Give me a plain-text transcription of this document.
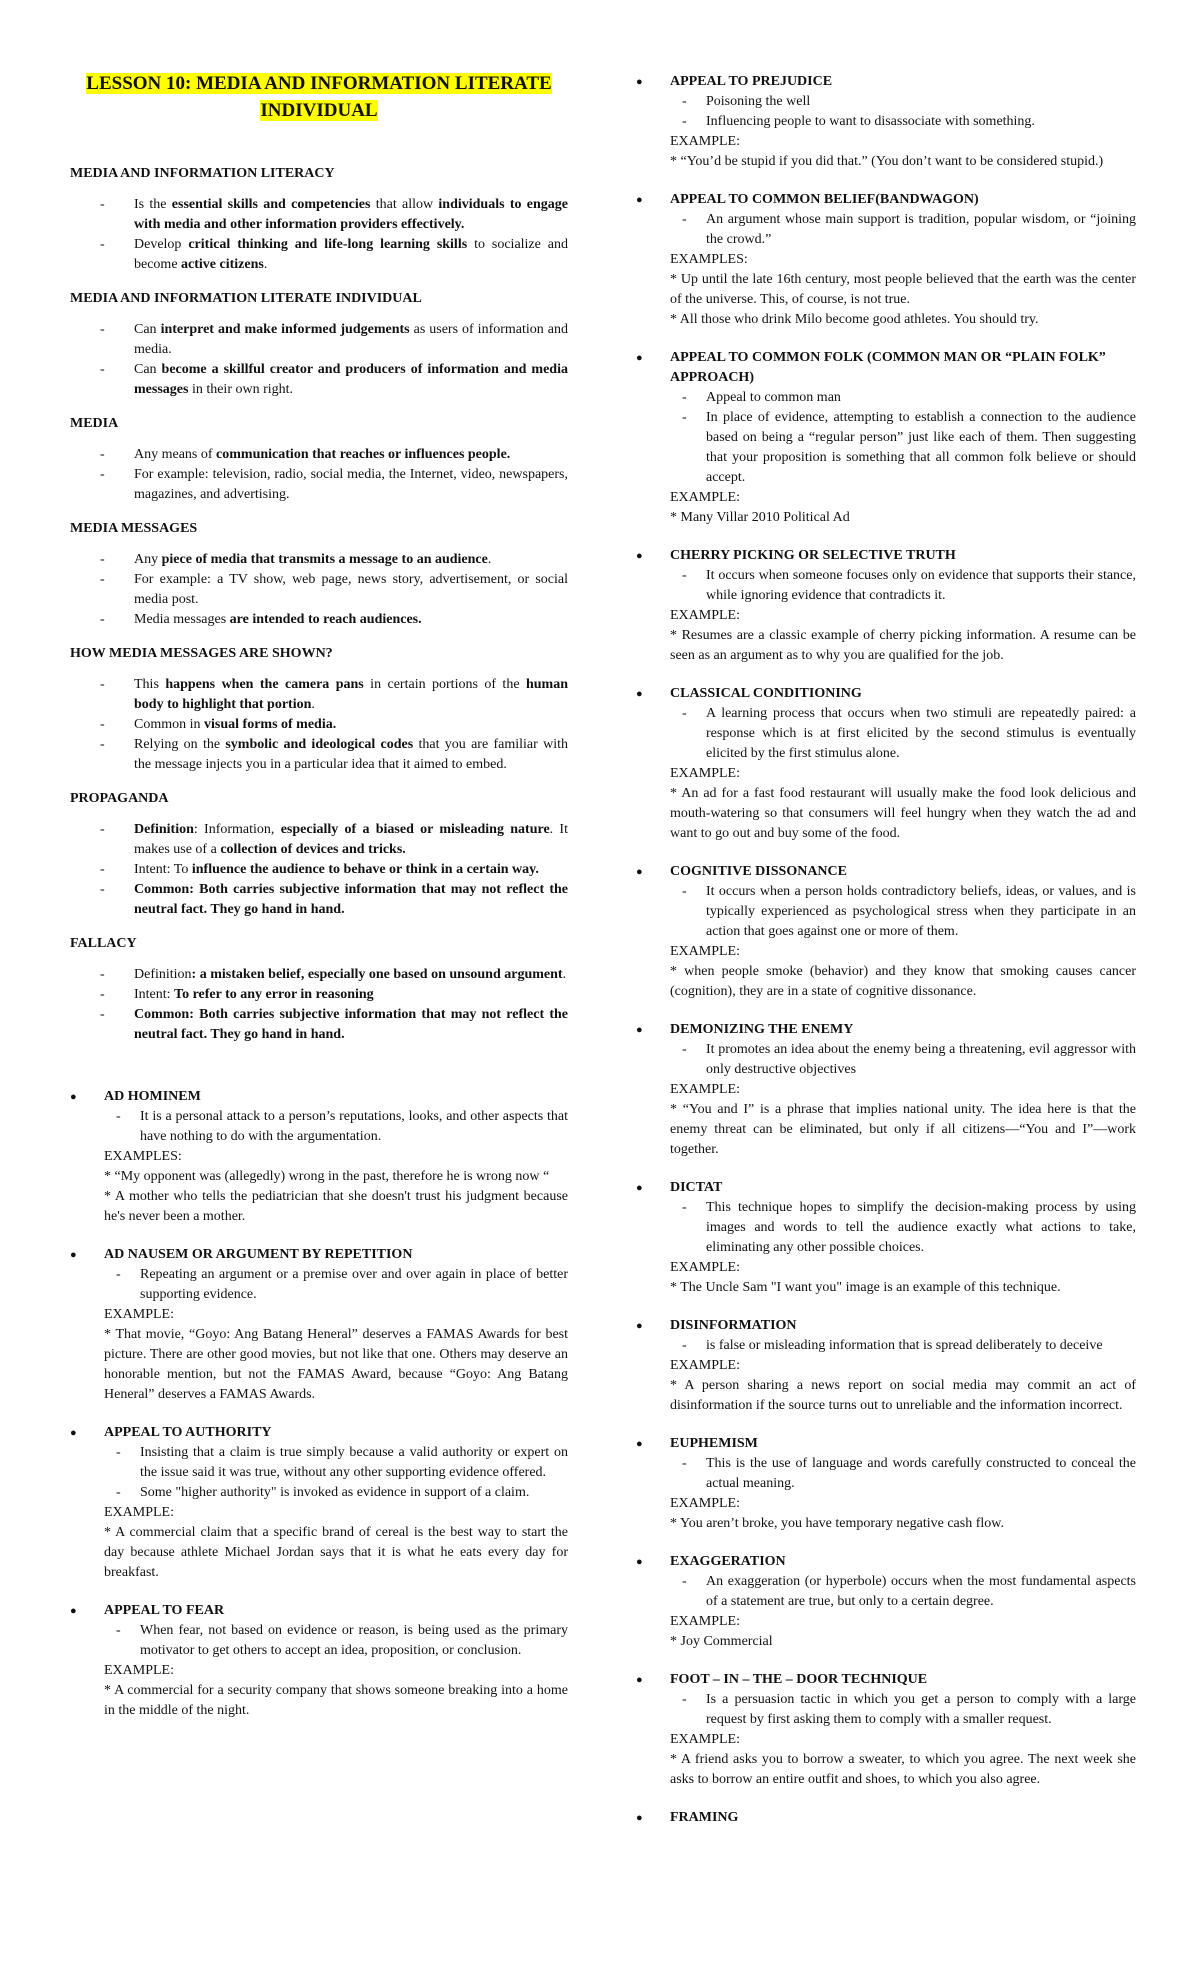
LESSON 10: MEDIA AND INFORMATION LITERATE
INDIVIDUAL
MEDIA AND INFORMATION LITERACY
- Is the essential skills and competencies that allow individuals to engage with media and other information providers effectively.
- Develop critical thinking and life-long learning skills to socialize and become active citizens.
MEDIA AND INFORMATION LITERATE INDIVIDUAL
- Can interpret and make informed judgements as users of information and media.
- Can become a skillful creator and producers of information and media messages in their own right.
MEDIA
- Any means of communication that reaches or influences people.
- For example: television, radio, social media, the Internet, video, newspapers, magazines, and advertising.
MEDIA MESSAGES
- Any piece of media that transmits a message to an audience.
- For example: a TV show, web page, news story, advertisement, or social media post.
- Media messages are intended to reach audiences.
HOW MEDIA MESSAGES ARE SHOWN?
- This happens when the camera pans in certain portions of the human body to highlight that portion.
- Common in visual forms of media.
- Relying on the symbolic and ideological codes that you are familiar with the message injects you in a particular idea that it aimed to embed.
PROPAGANDA
- Definition: Information, especially of a biased or misleading nature. It makes use of a collection of devices and tricks.
- Intent: To influence the audience to behave or think in a certain way.
- Common: Both carries subjective information that may not reflect the neutral fact. They go hand in hand.
FALLACY
- Definition: a mistaken belief, especially one based on unsound argument.
- Intent: To refer to any error in reasoning
- Common: Both carries subjective information that may not reflect the neutral fact. They go hand in hand.
● AD HOMINEM
- It is a personal attack to a person’s reputations, looks, and other aspects that have nothing to do with the argumentation.
EXAMPLES:
* “My opponent was (allegedly) wrong in the past, therefore he is wrong now “
* A mother who tells the pediatrician that she doesn't trust his judgment because he's never been a mother.
● AD NAUSEM OR ARGUMENT BY REPETITION
- Repeating an argument or a premise over and over again in place of better supporting evidence.
EXAMPLE:
* That movie, “Goyo: Ang Batang Heneral” deserves a FAMAS Awards for best picture. There are other good movies, but not like that one. Others may deserve an honorable mention, but not the FAMAS Award, because “Goyo: Ang Batang Heneral” deserves a FAMAS Awards.
● APPEAL TO AUTHORITY
- Insisting that a claim is true simply because a valid authority or expert on the issue said it was true, without any other supporting evidence offered.
- Some "higher authority" is invoked as evidence in support of a claim.
EXAMPLE:
* A commercial claim that a specific brand of cereal is the best way to start the day because athlete Michael Jordan says that it is what he eats every day for breakfast.
● APPEAL TO FEAR
- When fear, not based on evidence or reason, is being used as the primary motivator to get others to accept an idea, proposition, or conclusion.
EXAMPLE:
* A commercial for a security company that shows someone breaking into a home in the middle of the night.
● APPEAL TO PREJUDICE
- Poisoning the well
- Influencing people to want to disassociate with something.
EXAMPLE:
* “You’d be stupid if you did that.” (You don’t want to be considered stupid.)
● APPEAL TO COMMON BELIEF(BANDWAGON)
- An argument whose main support is tradition, popular wisdom, or “joining the crowd.”
EXAMPLES:
* Up until the late 16th century, most people believed that the earth was the center of the universe. This, of course, is not true.
* All those who drink Milo become good athletes. You should try.
● APPEAL TO COMMON FOLK (COMMON MAN OR “PLAIN FOLK” APPROACH)
- Appeal to common man
- In place of evidence, attempting to establish a connection to the audience based on being a “regular person” just like each of them. Then suggesting that your proposition is something that all common folk believe or should accept.
EXAMPLE:
* Many Villar 2010 Political Ad
● CHERRY PICKING OR SELECTIVE TRUTH
- It occurs when someone focuses only on evidence that supports their stance, while ignoring evidence that contradicts it.
EXAMPLE:
* Resumes are a classic example of cherry picking information. A resume can be seen as an argument as to why you are qualified for the job.
● CLASSICAL CONDITIONING
- A learning process that occurs when two stimuli are repeatedly paired: a response which is at first elicited by the second stimulus is eventually elicited by the first stimulus alone.
EXAMPLE:
* An ad for a fast food restaurant will usually make the food look delicious and mouth-watering so that consumers will feel hungry when they watch the ad and want to go out and buy some of the food.
● COGNITIVE DISSONANCE
- It occurs when a person holds contradictory beliefs, ideas, or values, and is typically experienced as psychological stress when they participate in an action that goes against one or more of them.
EXAMPLE:
* when people smoke (behavior) and they know that smoking causes cancer (cognition), they are in a state of cognitive dissonance.
● DEMONIZING THE ENEMY
- It promotes an idea about the enemy being a threatening, evil aggressor with only destructive objectives
EXAMPLE:
* “You and I” is a phrase that implies national unity. The idea here is that the enemy threat can be eliminated, but only if all citizens—“You and I”—work together.
● DICTAT
- This technique hopes to simplify the decision-making process by using images and words to tell the audience exactly what actions to take, eliminating any other possible choices.
EXAMPLE:
* The Uncle Sam "I want you" image is an example of this technique.
● DISINFORMATION
- is false or misleading information that is spread deliberately to deceive
EXAMPLE:
* A person sharing a news report on social media may commit an act of disinformation if the source turns out to unreliable and the information incorrect.
● EUPHEMISM
- This is the use of language and words carefully constructed to conceal the actual meaning.
EXAMPLE:
* You aren’t broke, you have temporary negative cash flow.
● EXAGGERATION
- An exaggeration (or hyperbole) occurs when the most fundamental aspects of a statement are true, but only to a certain degree.
EXAMPLE:
* Joy Commercial
● FOOT – IN – THE – DOOR TECHNIQUE
- Is a persuasion tactic in which you get a person to comply with a large request by first asking them to comply with a smaller request.
EXAMPLE:
* A friend asks you to borrow a sweater, to which you agree. The next week she asks to borrow an entire outfit and shoes, to which you also agree.
● FRAMING
